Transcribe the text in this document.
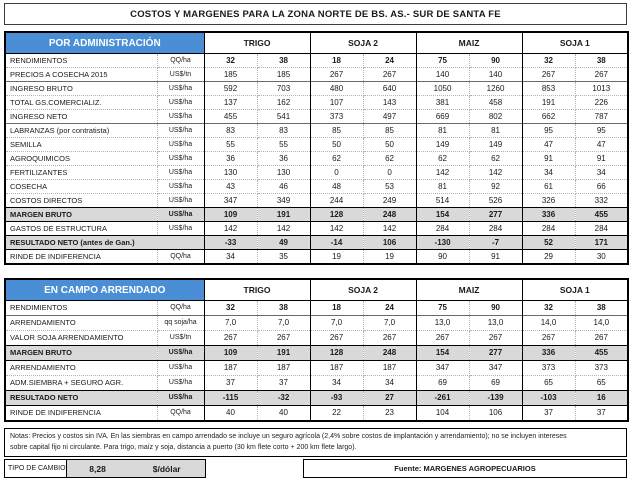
COSTOS Y MARGENES PARA LA ZONA NORTE DE BS. AS.- SUR DE SANTA FE
POR ADMINISTRACIÓN		TRIGO		SOJA 2		MAIZ		SOJA 1	
RENDIMIENTOS	QQ/ha	32	38	18	24	75	90	32	38
PRECIOS A COSECHA 2015	US$/tn	185	185	267	267	140	140	267	267
INGRESO BRUTO	US$/ha	592	703	480	640	1050	1260	853	1013
TOTAL GS.COMERCIALIZ.	US$/ha	137	162	107	143	381	458	191	226
INGRESO NETO	US$/ha	455	541	373	497	669	802	662	787
LABRANZAS (por contratista)	US$/ha	83	83	85	85	81	81	95	95
SEMILLA	US$/ha	55	55	50	50	149	149	47	47
AGROQUIMICOS	US$/ha	36	36	62	62	62	62	91	91
FERTILIZANTES	US$/ha	130	130	0	0	142	142	34	34
COSECHA	US$/ha	43	46	48	53	81	92	61	66
COSTOS DIRECTOS	US$/ha	347	349	244	249	514	526	326	332
MARGEN BRUTO	US$/ha	109	191	128	248	154	277	336	455
GASTOS DE ESTRUCTURA	US$/ha	142	142	142	142	284	284	284	284
RESULTADO NETO (antes de Gan.)		-33	49	-14	106	-130	-7	52	171
RINDE DE INDIFERENCIA	QQ/ha	34	35	19	19	90	91	29	30
EN CAMPO ARRENDADO		TRIGO		SOJA 2		MAIZ		SOJA 1	
RENDIMIENTOS	QQ/ha	32	38	18	24	75	90	32	38
ARRENDAMIENTO	qq soja/ha	7,0	7,0	7,0	7,0	13,0	13,0	14,0	14,0
VALOR SOJA ARRENDAMIENTO	US$/tn	267	267	267	267	267	267	267	267
MARGEN BRUTO	US$/ha	109	191	128	248	154	277	336	455
ARRENDAMIENTO	US$/ha	187	187	187	187	347	347	373	373
ADM.SIEMBRA + SEGURO AGR.	US$/ha	37	37	34	34	69	69	65	65
RESULTADO NETO	US$/ha	-115	-32	-93	27	-261	-139	-103	16
RINDE DE INDIFERENCIA	QQ/ha	40	40	22	23	104	106	37	37
Notas: Precios y costos sin IVA. En las siembras en campo arrendado se incluye un seguro agrícola (2,4% sobre costos de implantación y arrendamiento); no se incluyen intereses
sobre capital fijo ni circulante. Para trigo, maíz y soja, distancia a puerto (30 km flete corto + 200 km flete largo).
TIPO DE CAMBIO	8,28	$/dólar	Fuente: MARGENES AGROPECUARIOS
